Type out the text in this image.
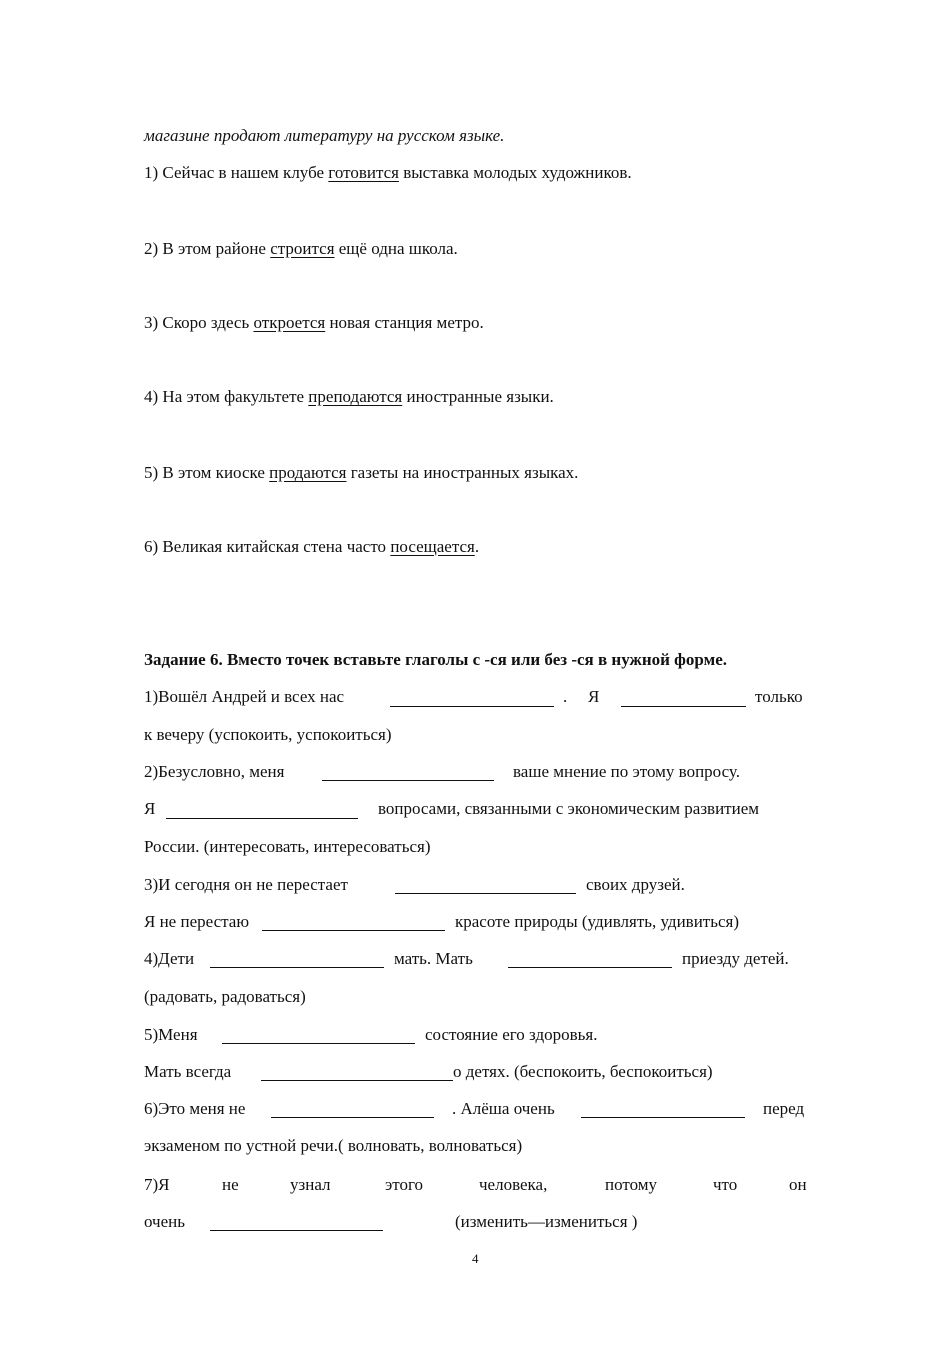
магазине продают литературу на русском языке.
1) Сейчас в нашем клубе готовится выставка молодых художников.
2) В этом районе строится ещё одна школа.
3) Скоро здесь откроется новая станция метро.
4) На этом факультете преподаются иностранные языки.
5) В этом киоске продаются газеты на иностранных языках.
6) Великая китайская стена часто посещается.
Задание 6. Вместо точек вставьте глаголы с -ся или без -ся в нужной форме.
1)Вошёл Андрей и всех нас	. Я	только
к вечеру (успокоить, успокоиться)
2)Безусловно, меня	ваше мнение по этому вопросу.
Я	вопросами, связанными с экономическим развитием
России. (интересовать, интересоваться)
3)И сегодня он не перестает	своих друзей.
Я не перестаю	красоте природы (удивлять, удивиться)
4)Дети	мать. Мать	приезду детей.
(радовать, радоваться)
5)Меня	состояние его здоровья.
Мать всегда	о детях. (беспокоить, беспокоиться)
6)Это меня не	. Алёша очень	перед
экзаменом по устной речи.( волновать, волноваться)
7)Я	не	узнал	этого	человека,	потому	что	он
очень	(изменить—измениться )
4
